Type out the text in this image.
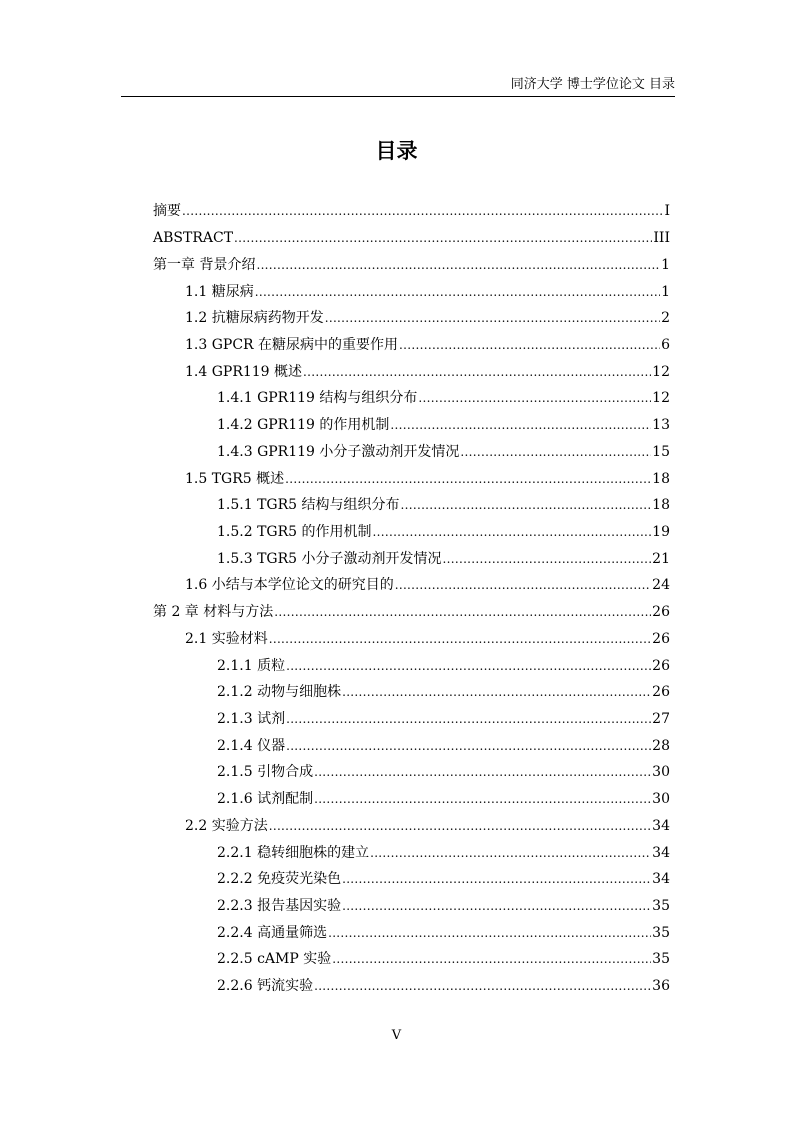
同济大学 博士学位论文 目录
目录
摘要 .....	I
ABSTRACT .....	III
第一章 背景介绍 .....	1
1.1 糖尿病 .....	1
1.2 抗糖尿病药物开发 .....	2
1.3 GPCR 在糖尿病中的重要作用 .....	6
1.4 GPR119 概述 .....	12
1.4.1 GPR119 结构与组织分布 .....	12
1.4.2 GPR119 的作用机制 .....	13
1.4.3 GPR119 小分子激动剂开发情况 .....	15
1.5 TGR5 概述 .....	18
1.5.1 TGR5 结构与组织分布 .....	18
1.5.2 TGR5 的作用机制 .....	19
1.5.3 TGR5 小分子激动剂开发情况 .....	21
1.6 小结与本学位论文的研究目的 .....	24
第 2 章 材料与方法 .....	26
2.1 实验材料 .....	26
2.1.1 质粒 .....	26
2.1.2 动物与细胞株 .....	26
2.1.3 试剂 .....	27
2.1.4 仪器 .....	28
2.1.5 引物合成 .....	30
2.1.6 试剂配制 .....	30
2.2 实验方法 .....	34
2.2.1 稳转细胞株的建立 .....	34
2.2.2 免疫荧光染色 .....	34
2.2.3 报告基因实验 .....	35
2.2.4 高通量筛选 .....	35
2.2.5 cAMP 实验 .....	35
2.2.6 钙流实验 .....	36
V
